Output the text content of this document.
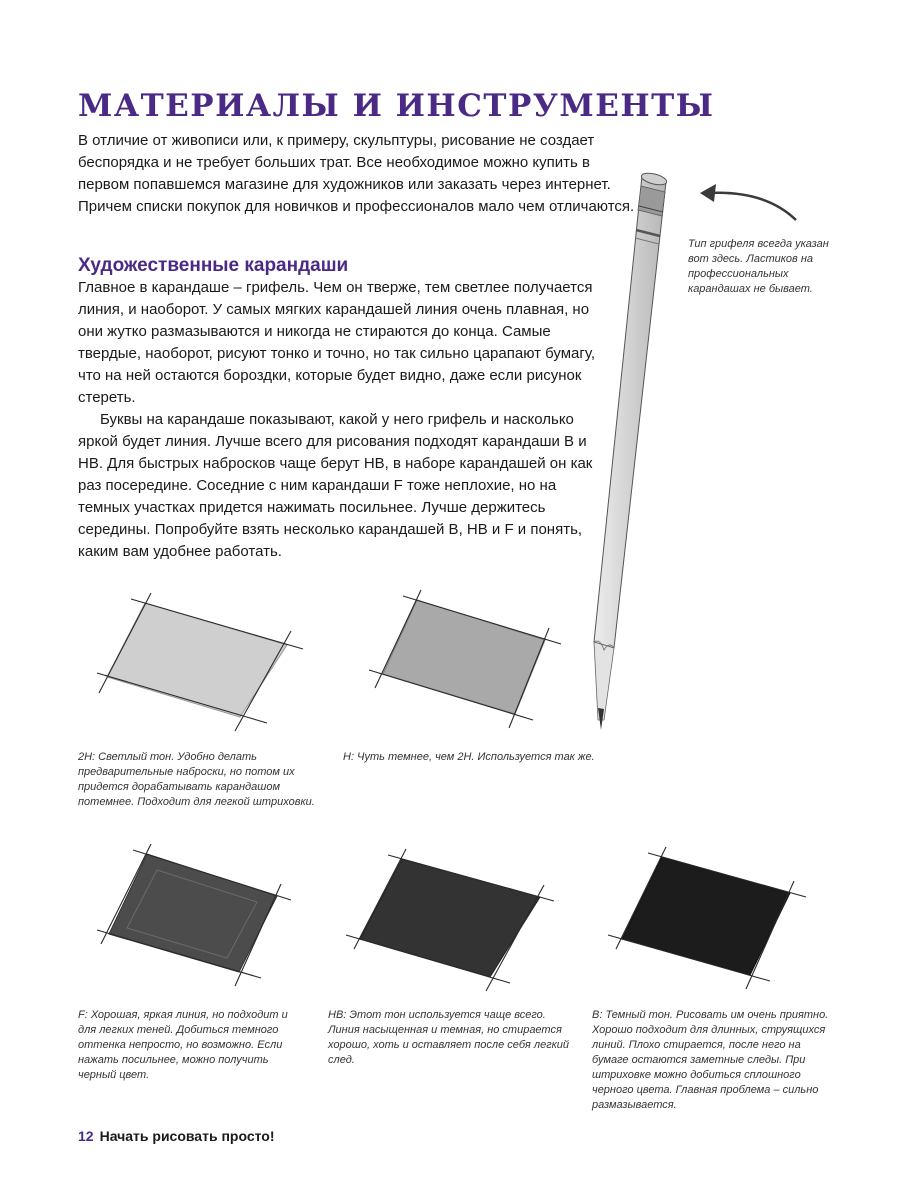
МАТЕРИАЛЫ И ИНСТРУМЕНТЫ

В отличие от живописи или, к примеру, скульптуры, рисование не создает беспорядка и не требует больших трат. Все необходимое можно купить в первом попавшемся магазине для художников или заказать через интернет. Причем списки покупок для новичков и профессионалов мало чем отличаются.

Художественные карандаши

Главное в карандаше – грифель. Чем он тверже, тем светлее получается линия, и наоборот. У самых мягких карандашей линия очень плавная, но они жутко размазываются и никогда не стираются до конца. Самые твердые, наоборот, рисуют тонко и точно, но так сильно царапают бумагу, что на ней остаются бороздки, которые будет видно, даже если рисунок стереть.

Буквы на карандаше показывают, какой у него грифель и насколько яркой будет линия. Лучше всего для рисования подходят карандаши B и HB. Для быстрых набросков чаще берут HB, в наборе карандашей он как раз посередине. Соседние с ним карандаши F тоже неплохие, но на темных участках придется нажимать посильнее. Лучше держитесь середины. Попробуйте взять несколько карандашей B, HB и F и понять, каким вам удобнее работать.

Тип грифеля всегда указан вот здесь. Ластиков на профессиональных карандашах не бывает.

2H: Светлый тон. Удобно делать предварительные наброски, но потом их придется дорабатывать карандашом потемнее. Подходит для легкой штриховки.

H: Чуть темнее, чем 2H. Используется так же.

F: Хорошая, яркая линия, но подходит и для легких теней. Добиться темного оттенка непросто, но возможно. Если нажать посильнее, можно получить черный цвет.

HB: Этот тон используется чаще всего. Линия насыщенная и темная, но стирается хорошо, хоть и оставляет после себя легкий след.

B: Темный тон. Рисовать им очень приятно. Хорошо подходит для длинных, струящихся линий. Плохо стирается, после него на бумаге остаются заметные следы. При штриховке можно добиться сплошного черного цвета. Главная проблема – сильно размазывается.

12 Начать рисовать просто!
